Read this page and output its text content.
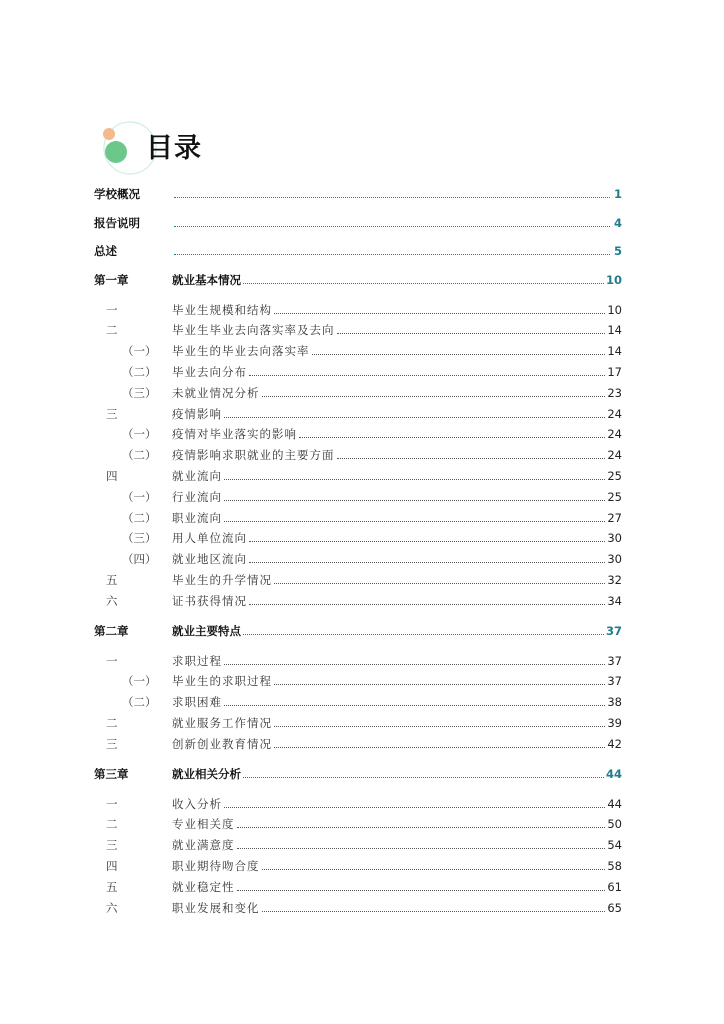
目录
学校概况	1
报告说明	4
总述	5
第一章	就业基本情况	10
一	毕业生规模和结构	10
二	毕业生毕业去向落实率及去向	14
（一）	毕业生的毕业去向落实率	14
（二）	毕业去向分布	17
（三）	未就业情况分析	23
三	疫情影响	24
（一）	疫情对毕业落实的影响	24
（二）	疫情影响求职就业的主要方面	24
四	就业流向	25
（一）	行业流向	25
（二）	职业流向	27
（三）	用人单位流向	30
（四）	就业地区流向	30
五	毕业生的升学情况	32
六	证书获得情况	34
第二章	就业主要特点	37
一	求职过程	37
（一）	毕业生的求职过程	37
（二）	求职困难	38
二	就业服务工作情况	39
三	创新创业教育情况	42
第三章	就业相关分析	44
一	收入分析	44
二	专业相关度	50
三	就业满意度	54
四	职业期待吻合度	58
五	就业稳定性	61
六	职业发展和变化	65
